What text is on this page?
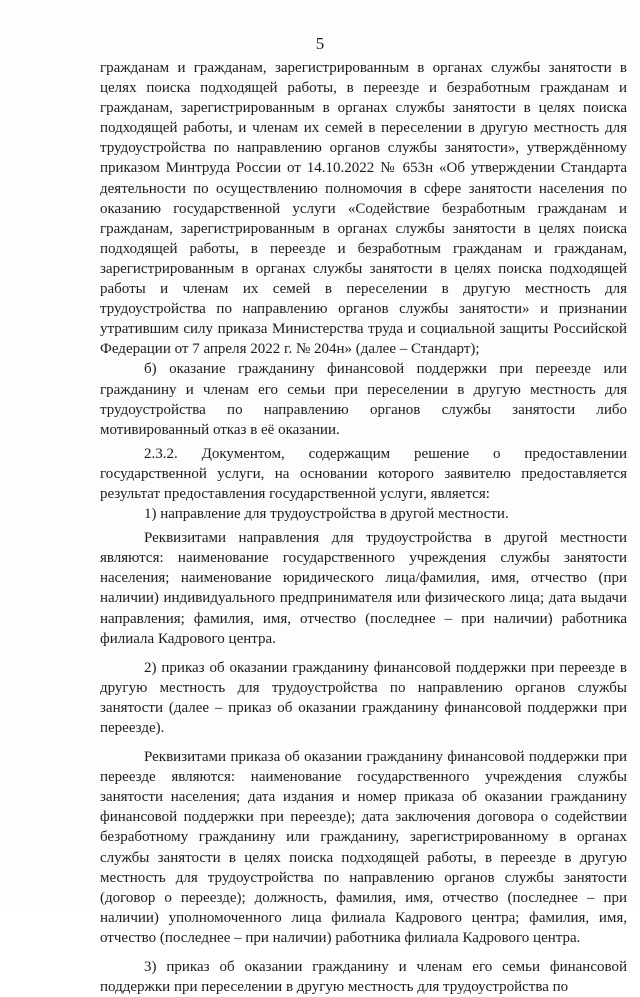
5

гражданам и гражданам, зарегистрированным в органах службы занятости в целях поиска подходящей работы, в переезде и безработным гражданам и гражданам, зарегистрированным в органах службы занятости в целях поиска подходящей работы, и членам их семей в переселении в другую местность для трудоустройства по направлению органов службы занятости», утверждённому приказом Минтруда России от 14.10.2022 № 653н «Об утверждении Стандарта деятельности по осуществлению полномочия в сфере занятости населения по оказанию государственной услуги «Содействие безработным гражданам и гражданам, зарегистрированным в органах службы занятости в целях поиска подходящей работы, в переезде и безработным гражданам и гражданам, зарегистрированным в органах службы занятости в целях поиска подходящей работы и членам их семей в переселении в другую местность для трудоустройства по направлению органов службы занятости» и признании утратившим силу приказа Министерства труда и социальной защиты Российской Федерации от 7 апреля 2022 г. № 204н» (далее – Стандарт);

б) оказание гражданину финансовой поддержки при переезде или гражданину и членам его семьи при переселении в другую местность для трудоустройства по направлению органов службы занятости либо мотивированный отказ в её оказании.

2.3.2. Документом, содержащим решение о предоставлении государственной услуги, на основании которого заявителю предоставляется результат предоставления государственной услуги, является:

1) направление для трудоустройства в другой местности.

Реквизитами направления для трудоустройства в другой местности являются: наименование государственного учреждения службы занятости населения; наименование юридического лица/фамилия, имя, отчество (при наличии) индивидуального предпринимателя или физического лица; дата выдачи направления; фамилия, имя, отчество (последнее – при наличии) работника филиала Кадрового центра.

2) приказ об оказании гражданину финансовой поддержки при переезде в другую местность для трудоустройства по направлению органов службы занятости (далее – приказ об оказании гражданину финансовой поддержки при переезде).

Реквизитами приказа об оказании гражданину финансовой поддержки при переезде являются: наименование государственного учреждения службы занятости населения; дата издания и номер приказа об оказании гражданину финансовой поддержки при переезде); дата заключения договора о содействии безработному гражданину или гражданину, зарегистрированному в органах службы занятости в целях поиска подходящей работы, в переезде в другую местность для трудоустройства по направлению органов службы занятости (договор о переезде); должность, фамилия, имя, отчество (последнее – при наличии) уполномоченного лица филиала Кадрового центра; фамилия, имя, отчество (последнее – при наличии) работника филиала Кадрового центра.

3) приказ об оказании гражданину и членам его семьи финансовой поддержки при переселении в другую местность для трудоустройства по
